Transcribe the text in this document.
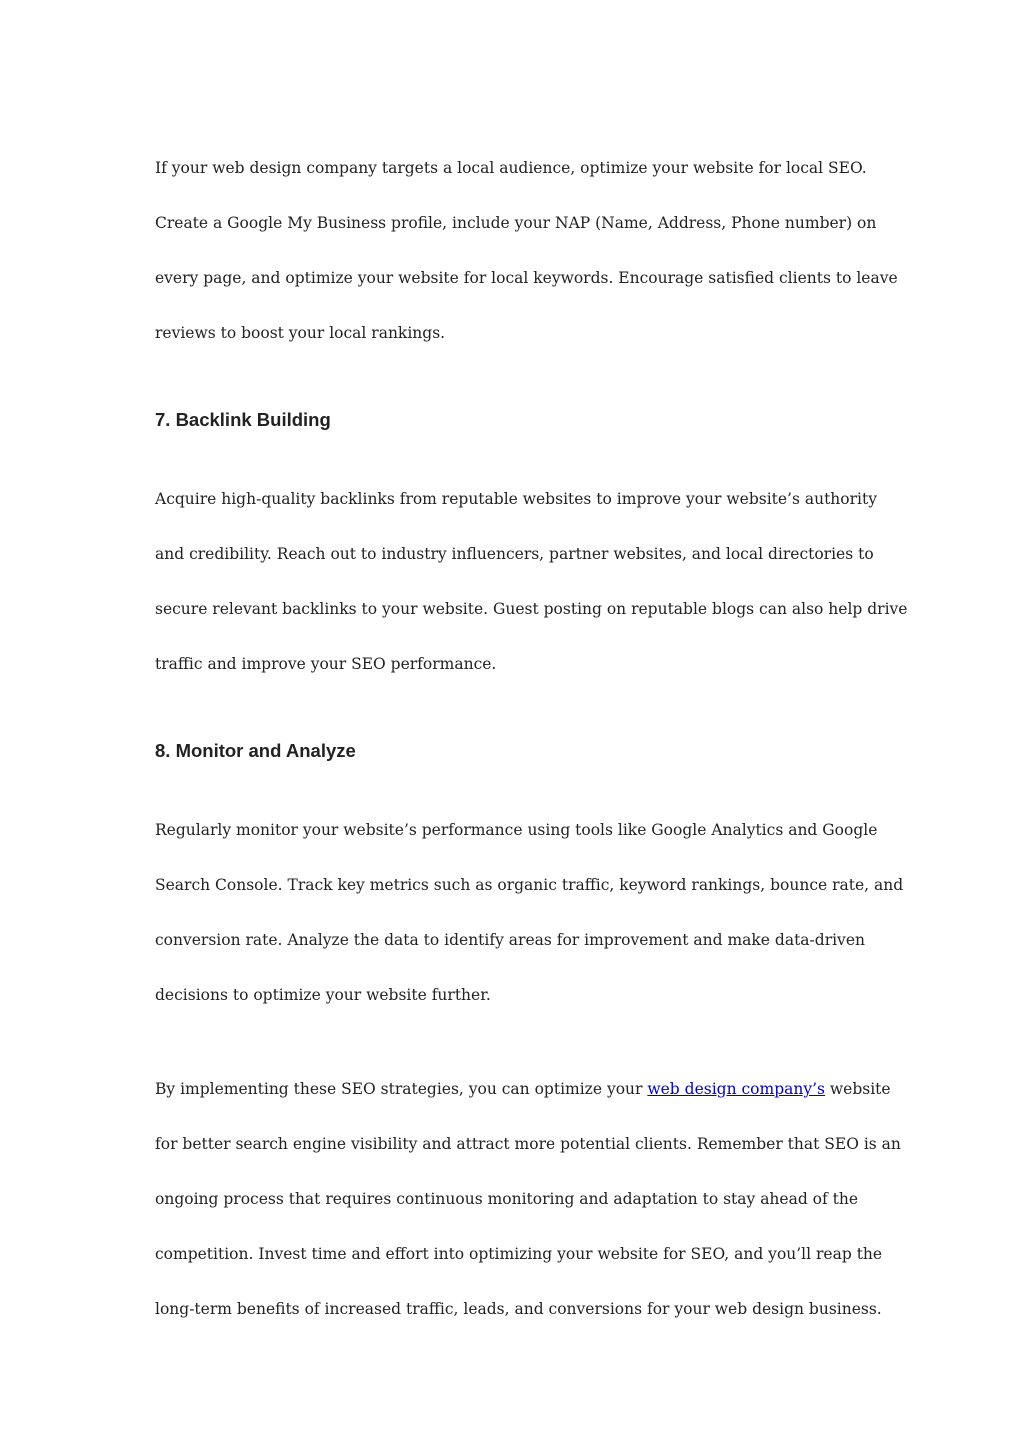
If your web design company targets a local audience, optimize your website for local SEO.
Create a Google My Business profile, include your NAP (Name, Address, Phone number) on
every page, and optimize your website for local keywords. Encourage satisfied clients to leave
reviews to boost your local rankings.

7. Backlink Building

Acquire high-quality backlinks from reputable websites to improve your website’s authority
and credibility. Reach out to industry influencers, partner websites, and local directories to
secure relevant backlinks to your website. Guest posting on reputable blogs can also help drive
traffic and improve your SEO performance.

8. Monitor and Analyze

Regularly monitor your website’s performance using tools like Google Analytics and Google
Search Console. Track key metrics such as organic traffic, keyword rankings, bounce rate, and
conversion rate. Analyze the data to identify areas for improvement and make data-driven
decisions to optimize your website further.

By implementing these SEO strategies, you can optimize your web design company’s website
for better search engine visibility and attract more potential clients. Remember that SEO is an
ongoing process that requires continuous monitoring and adaptation to stay ahead of the
competition. Invest time and effort into optimizing your website for SEO, and you’ll reap the
long-term benefits of increased traffic, leads, and conversions for your web design business.
